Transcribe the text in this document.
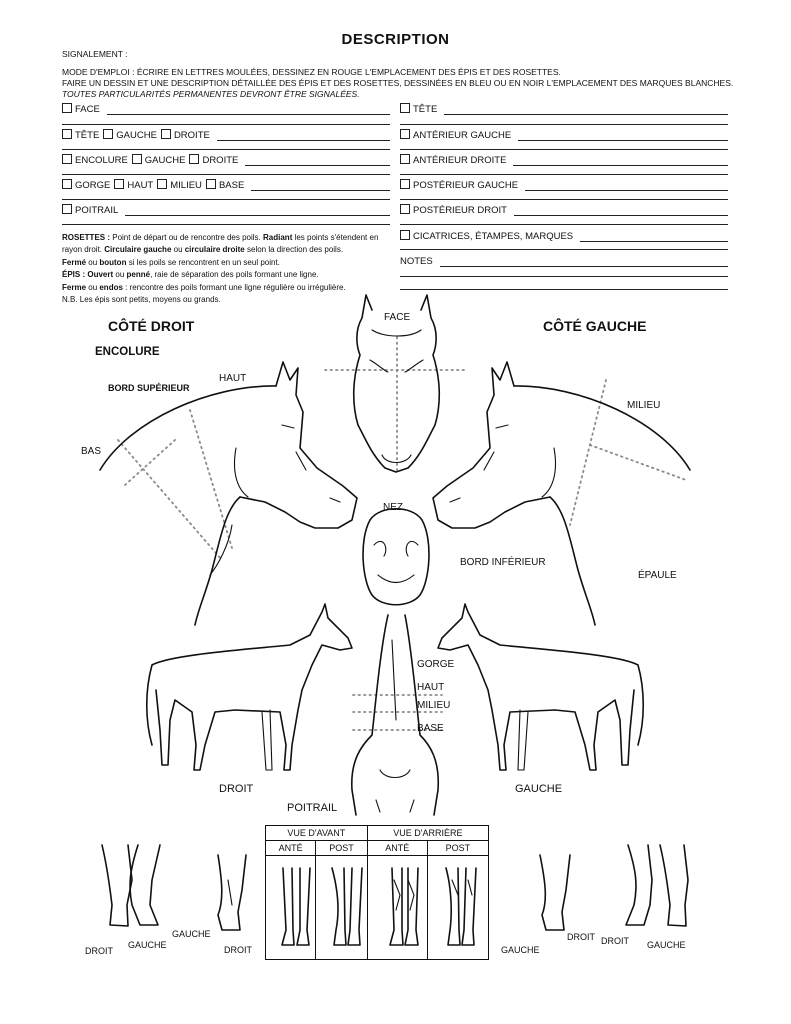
DESCRIPTION
SIGNALEMENT :
MODE D'EMPLOI : ÉCRIRE EN LETTRES MOULÉES, DESSINEZ EN ROUGE L'EMPLACEMENT DES ÉPIS ET DES ROSETTES.
FAIRE UN DESSIN ET UNE DESCRIPTION DÉTAILLÉE DES ÉPIS ET DES ROSETTES, DESSINÉES EN BLEU OU EN NOIR L'EMPLACEMENT DES MARQUES BLANCHES.
TOUTES PARTICULARITÉS PERMANENTES DEVRONT ÊTRE SIGNALÉES.
FACE
TÊTE	GAUCHE	DROITE
ENCOLURE	GAUCHE	DROITE
GORGE	HAUT	MILIEU	BASE
POITRAIL
TÊTE
ANTÉRIEUR GAUCHE
ANTÉRIEUR DROITE
POSTÉRIEUR GAUCHE
POSTÉRIEUR DROIT
CICATRICES, ÉTAMPES, MARQUES
NOTES
ROSETTES : Point de départ ou de rencontre des poils. Radiant les points s'étendent en rayon droit. Circulaire gauche ou circulaire droite selon la direction des poils.
Fermé ou bouton si les poils se rencontrent en un seul point.
ÉPIS : Ouvert ou penné, raie de séparation des poils formant une ligne.
Ferme ou endos : rencontre des poils formant une ligne régulière ou irrégulière.
N.B. Les épis sont petits, moyens ou grands.
CÔTÉ DROIT	CÔTÉ GAUCHE
ENCOLURE
BORD SUPÉRIEUR
HAUT
BAS
FACE
NEZ
MILIEU
BORD INFÉRIEUR
ÉPAULE
GORGE
HAUT
MILIEU
BASE
DROIT	GAUCHE
POITRAIL
VUE D'AVANT		VUE D'ARRIÈRE	
ANTÉ	POST	ANTÉ	POST

DROIT
GAUCHE
GAUCHE
DROIT	GAUCHE
DROIT DROIT GAUCHE
